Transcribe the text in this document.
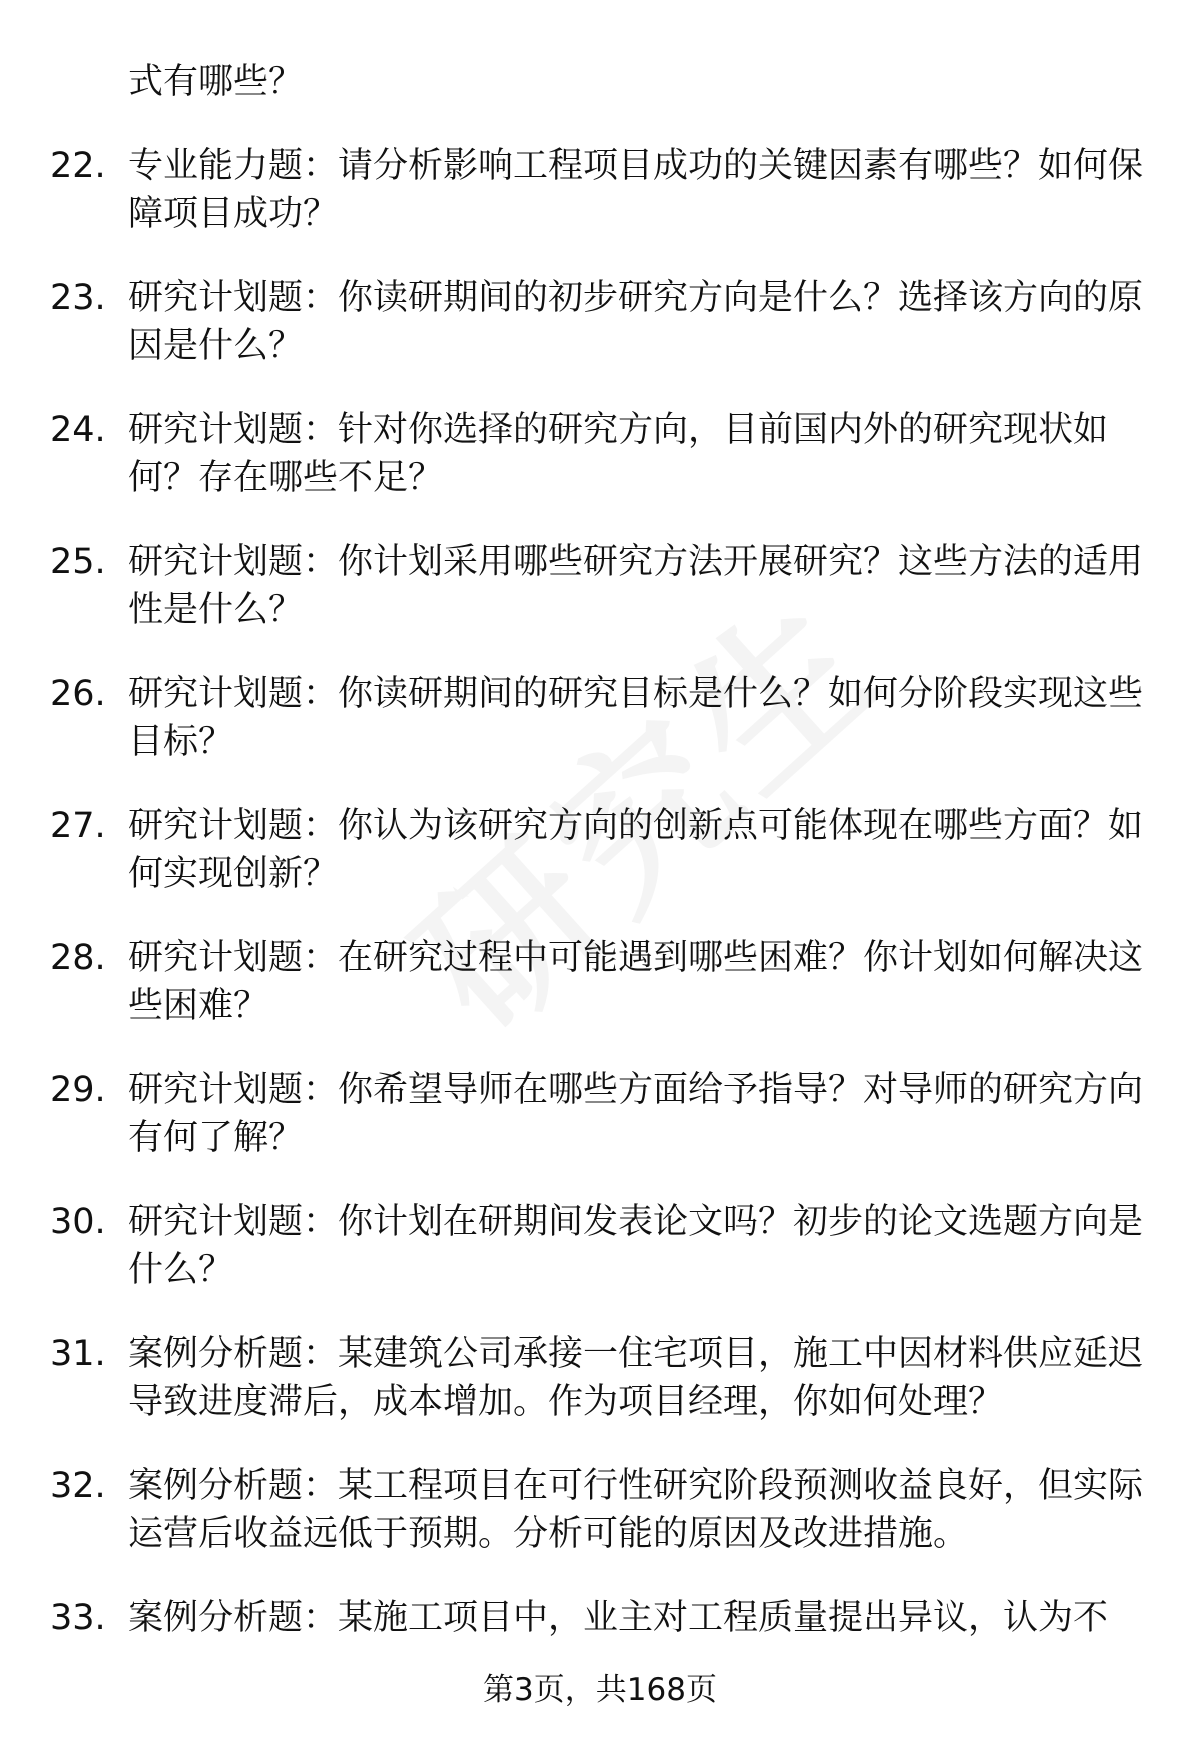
式有哪些？
22. 专业能力题：请分析影响工程项目成功的关键因素有哪些？如何保障项目成功？
23. 研究计划题：你读研期间的初步研究方向是什么？选择该方向的原因是什么？
24. 研究计划题：针对你选择的研究方向，目前国内外的研究现状如何？存在哪些不足？
25. 研究计划题：你计划采用哪些研究方法开展研究？这些方法的适用性是什么？
26. 研究计划题：你读研期间的研究目标是什么？如何分阶段实现这些目标？
27. 研究计划题：你认为该研究方向的创新点可能体现在哪些方面？如何实现创新？
28. 研究计划题：在研究过程中可能遇到哪些困难？你计划如何解决这些困难？
29. 研究计划题：你希望导师在哪些方面给予指导？对导师的研究方向有何了解？
30. 研究计划题：你计划在研期间发表论文吗？初步的论文选题方向是什么？
31. 案例分析题：某建筑公司承接一住宅项目，施工中因材料供应延迟导致进度滞后，成本增加。作为项目经理，你如何处理？
32. 案例分析题：某工程项目在可行性研究阶段预测收益良好，但实际运营后收益远低于预期。分析可能的原因及改进措施。
33. 案例分析题：某施工项目中，业主对工程质量提出异议，认为不
第3页，共168页
